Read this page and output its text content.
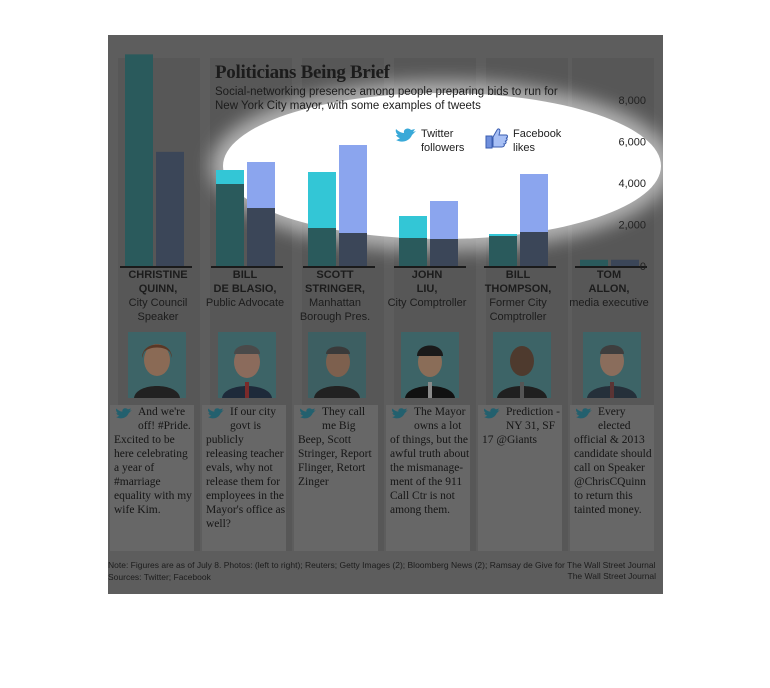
8,000
6,000
4,000
2,000
0
Politicians Being Brief
Social-networking presence among people preparing bids to run for New York City mayor, with some examples of tweets
Twitter followers
Facebook likes
CHRISTINE
QUINN,
City Council Speaker
BILL
DE BLASIO,
Public Advocate
SCOTT
STRINGER,
Manhattan Borough Pres.
JOHN
LIU,
City Comptroller
BILL
THOMPSON,
Former City Comptroller
TOM
ALLON,
media executive
And we're off! #Pride. Excited to be here celebrating a year of #marriage equality with my wife Kim.
If our city govt is publicly releasing teacher evals, why not release them for employees in the Mayor's office as well?
They call me Big Beep, Scott Stringer, Report Flinger, Retort Zinger
The Mayor owns a lot of things, but the awful truth about the mismanage-ment of the 911 Call Ctr is not among them.
Prediction - NY 31, SF 17 @Giants
Every elected official & 2013 candidate should call on Speaker @ChrisCQuinn to return this tainted money.
Note: Figures are as of July 8. Photos: (left to right); Reuters; Getty Images (2); Bloomberg News (2); Ramsay de Give for The Wall Street Journal
Sources: Twitter; Facebook	The Wall Street Journal
